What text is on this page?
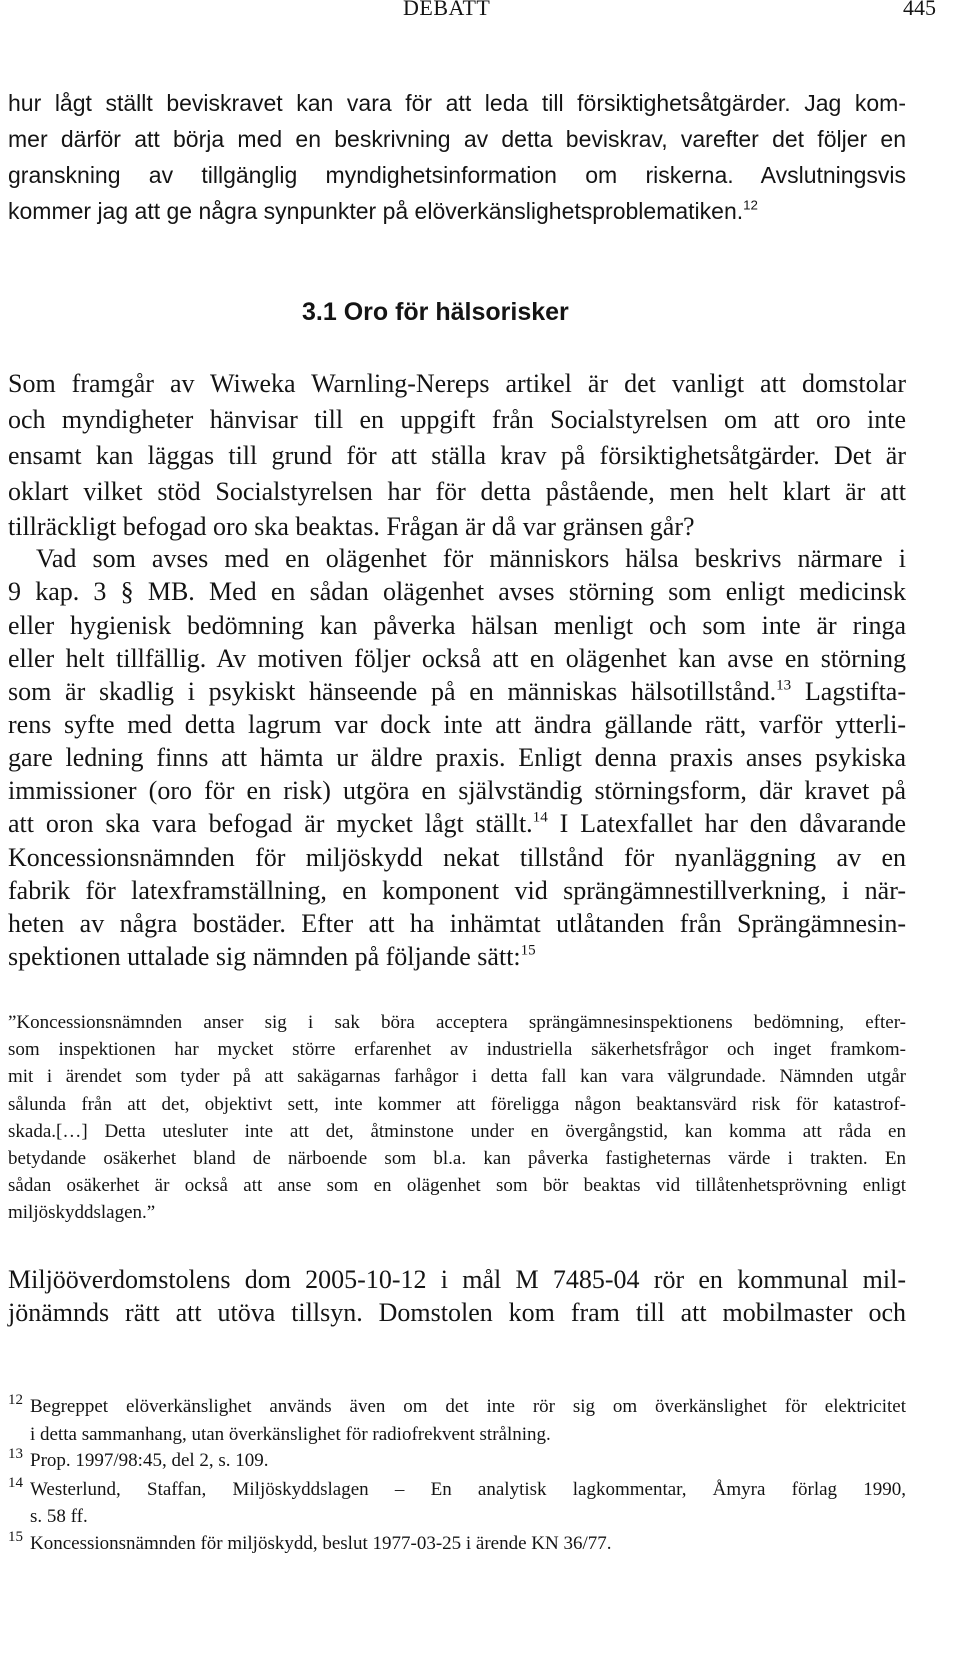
DEBATT	445
hur lågt ställt beviskravet kan vara för att leda till försiktighetsåtgärder. Jag kom-
mer därför att börja med en beskrivning av detta beviskrav, varefter det följer en
granskning av tillgänglig myndighetsinformation om riskerna. Avslutningsvis
kommer jag att ge några synpunkter på elöverkänslighetsproblematiken.$^{12}$
3.1 Oro för hälsorisker
Som framgår av Wiweka Warnling-Nereps artikel är det vanligt att domstolar
och myndigheter hänvisar till en uppgift från Socialstyrelsen om att oro inte
ensamt kan läggas till grund för att ställa krav på försiktighetsåtgärder. Det är
oklart vilket stöd Socialstyrelsen har för detta påstående, men helt klart är att
tillräckligt befogad oro ska beaktas. Frågan är då var gränsen går?
Vad som avses med en olägenhet för människors hälsa beskrivs närmare i
9 kap. 3 § MB. Med en sådan olägenhet avses störning som enligt medicinsk
eller hygienisk bedömning kan påverka hälsan menligt och som inte är ringa
eller helt tillfällig. Av motiven följer också att en olägenhet kan avse en störning
som är skadlig i psykiskt hänseende på en människas hälsotillstånd.$^{13}$ Lagstifta-
rens syfte med detta lagrum var dock inte att ändra gällande rätt, varför ytterli-
gare ledning finns att hämta ur äldre praxis. Enligt denna praxis anses psykiska
immissioner (oro för en risk) utgöra en självständig störningsform, där kravet på
att oron ska vara befogad är mycket lågt ställt.$^{14}$ I Latexfallet har den dåvarande
Koncessionsnämnden för miljöskydd nekat tillstånd för nyanläggning av en
fabrik för latexframställning, en komponent vid sprängämnestillverkning, i när-
heten av några bostäder. Efter att ha inhämtat utlåtanden från Sprängämnesin-
spektionen uttalade sig nämnden på följande sätt:$^{15}$
”Koncessionsnämnden anser sig i sak böra acceptera sprängämnesinspektionens bedömning, efter-
som inspektionen har mycket större erfarenhet av industriella säkerhetsfrågor och inget framkom-
mit i ärendet som tyder på att sakägarnas farhågor i detta fall kan vara välgrundade. Nämnden utgår
sålunda från att det, objektivt sett, inte kommer att föreligga någon beaktansvärd risk för katastrof-
skada.[…] Detta utesluter inte att det, åtminstone under en övergångstid, kan komma att råda en
betydande osäkerhet bland de närboende som bl.a. kan påverka fastigheternas värde i trakten. En
sådan osäkerhet är också att anse som en olägenhet som bör beaktas vid tillåtenhetsprövning enligt
miljöskyddslagen.”
Miljööverdomstolens dom 2005-10-12 i mål M 7485-04 rör en kommunal mil-
jönämnds rätt att utöva tillsyn. Domstolen kom fram till att mobilmaster och
12 Begreppet elöverkänslighet används även om det inte rör sig om överkänslighet för elektricitet
i detta sammanhang, utan överkänslighet för radiofrekvent strålning.
13 Prop. 1997/98:45, del 2, s. 109.
14 Westerlund, Staffan, Miljöskyddslagen – En analytisk lagkommentar, Åmyra förlag 1990,
s. 58 ff.
15 Koncessionsnämnden för miljöskydd, beslut 1977-03-25 i ärende KN 36/77.
